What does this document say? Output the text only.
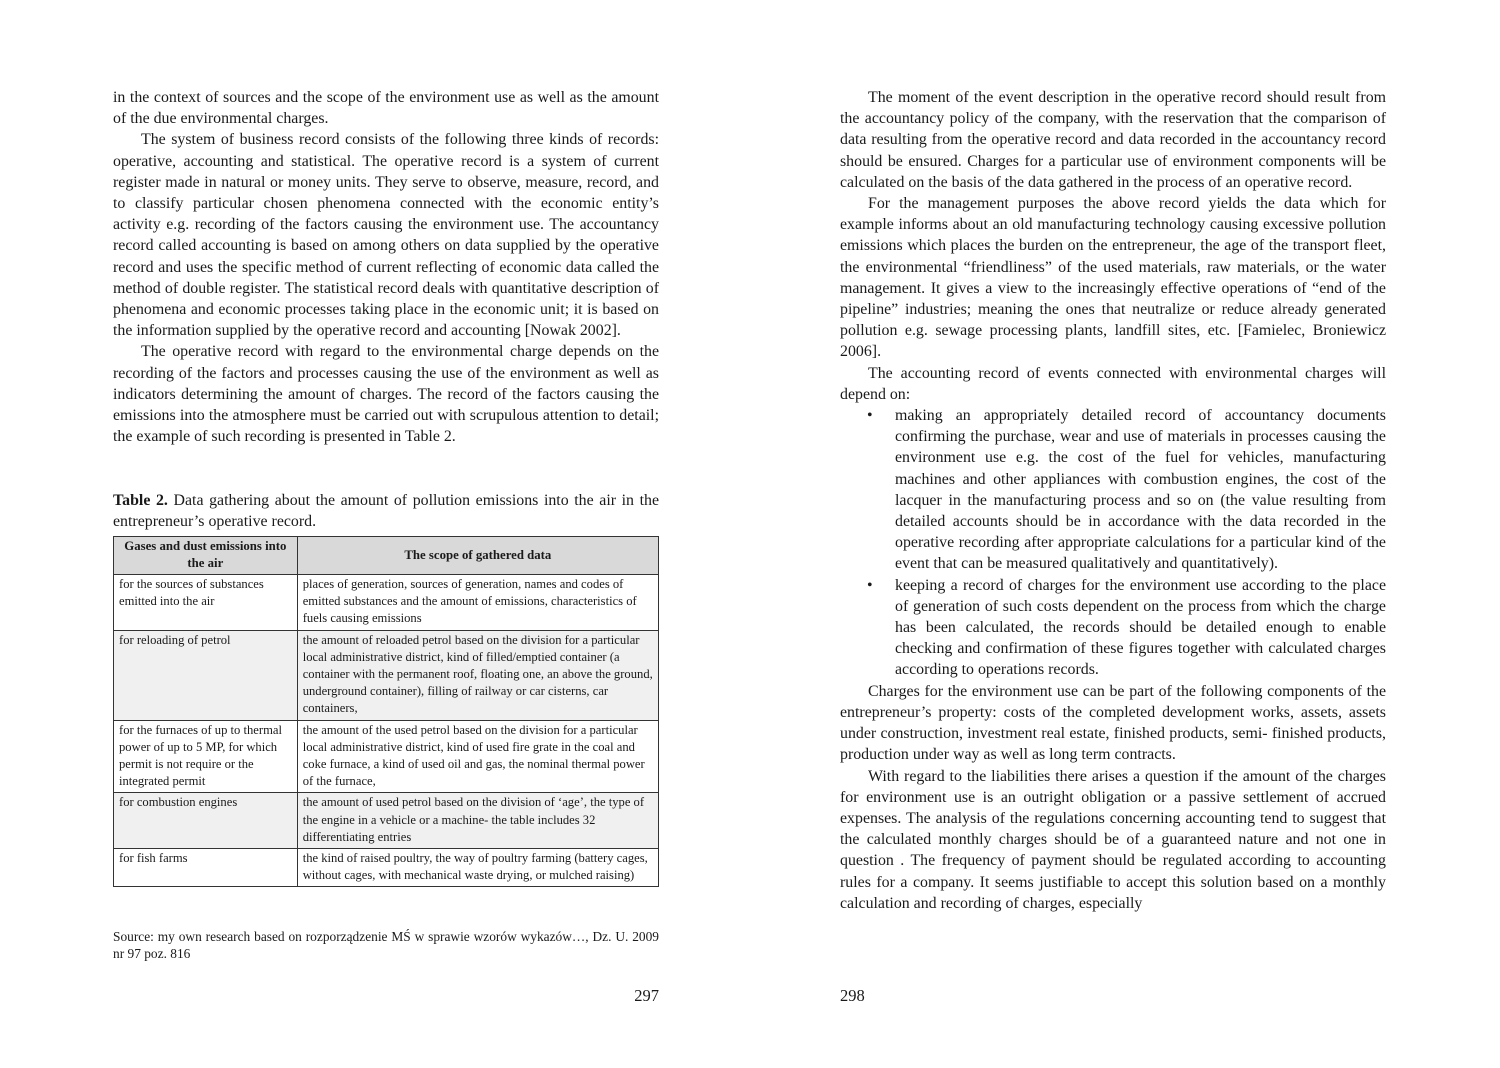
in the context of sources and the scope of the environment use as well as the amount of the due environmental charges.

The system of business record consists of the following three kinds of records: operative, accounting and statistical. The operative record is a system of current register made in natural or money units. They serve to observe, measure, record, and to classify particular chosen phenomena connected with the economic entity’s activity e.g. recording of the factors causing the environment use. The accountancy record called accounting is based on among others on data supplied by the operative record and uses the specific method of current reflecting of economic data called the method of double register. The statistical record deals with quantitative description of phenomena and economic processes taking place in the economic unit; it is based on the information supplied by the operative record and accounting [Nowak 2002].

The operative record with regard to the environmental charge depends on the recording of the factors and processes causing the use of the environment as well as indicators determining the amount of charges. The record of the factors causing the emissions into the atmosphere must be carried out with scrupulous attention to detail; the example of such recording is presented in Table 2.

Table 2. Data gathering about the amount of pollution emissions into the air in the entrepreneur’s operative record.

Gases and dust emissions into the air	The scope of gathered data
for the sources of substances emitted into the air	places of generation, sources of generation, names and codes of emitted substances and the amount of emissions, characteristics of fuels causing emissions
for reloading of petrol	the amount of reloaded petrol based on the division for a particular local administrative district, kind of filled/emptied container (a container with the permanent roof, floating one, an above the ground, underground container), filling of railway or car cisterns, car containers,
for the furnaces of up to thermal power of up to 5 MP, for which permit is not require or the integrated permit	the amount of the used petrol based on the division for a particular local administrative district, kind of used fire grate in the coal and coke furnace, a kind of used oil and gas, the nominal thermal power of the furnace,
for combustion engines	the amount of used petrol based on the division of ‘age’, the type of the engine in a vehicle or a machine- the table includes 32 differentiating entries
for fish farms	the kind of raised poultry, the way of poultry farming (battery cages, without cages, with mechanical waste drying, or mulched raising)

Source: my own research based on rozporządzenie MŚ w sprawie wzorów wykazów…, Dz. U. 2009 nr 97 poz. 816

297

The moment of the event description in the operative record should result from the accountancy policy of the company, with the reservation that the comparison of data resulting from the operative record and data recorded in the accountancy record should be ensured. Charges for a particular use of environment components will be calculated on the basis of the data gathered in the process of an operative record.

For the management purposes the above record yields the data which for example informs about an old manufacturing technology causing excessive pollution emissions which places the burden on the entrepreneur, the age of the transport fleet, the environmental “friendliness” of the used materials, raw materials, or the water management. It gives a view to the increasingly effective operations of “end of the pipeline” industries; meaning the ones that neutralize or reduce already generated pollution e.g. sewage processing plants, landfill sites, etc. [Famielec, Broniewicz 2006].

The accounting record of events connected with environmental charges will depend on:

• making an appropriately detailed record of accountancy documents confirming the purchase, wear and use of materials in processes causing the environment use e.g. the cost of the fuel for vehicles, manufacturing machines and other appliances with combustion engines, the cost of the lacquer in the manufacturing process and so on (the value resulting from detailed accounts should be in accordance with the data recorded in the operative recording after appropriate calculations for a particular kind of the event that can be measured qualitatively and quantitatively).
• keeping a record of charges for the environment use according to the place of generation of such costs dependent on the process from which the charge has been calculated, the records should be detailed enough to enable checking and confirmation of these figures together with calculated charges according to operations records.

Charges for the environment use can be part of the following components of the entrepreneur’s property: costs of the completed development works, assets, assets under construction, investment real estate, finished products, semi- finished products, production under way as well as long term contracts.

With regard to the liabilities there arises a question if the amount of the charges for environment use is an outright obligation or a passive settlement of accrued expenses. The analysis of the regulations concerning accounting tend to suggest that the calculated monthly charges should be of a guaranteed nature and not one in question . The frequency of payment should be regulated according to accounting rules for a company. It seems justifiable to accept this solution based on a monthly calculation and recording of charges, especially

298
